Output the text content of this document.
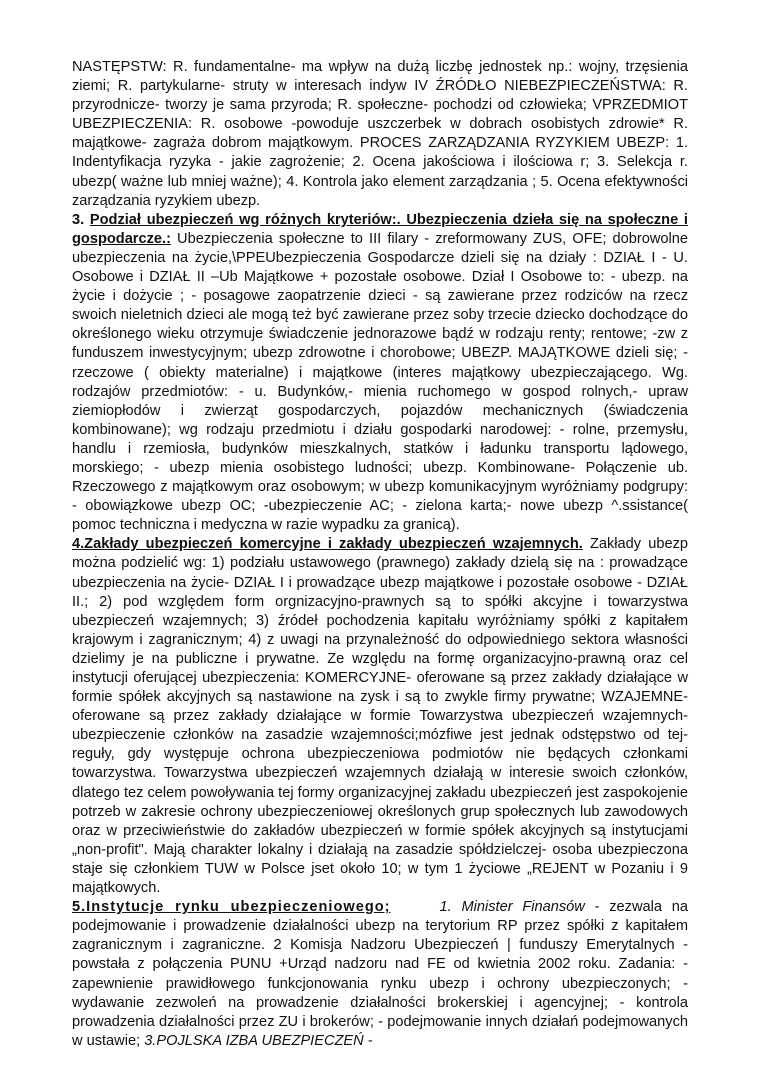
NASTĘPSTW: R. fundamentalne- ma wpływ na dużą liczbę jednostek np.: wojny, trzęsienia ziemi; R. partykularne- struty w interesach indyw IV ŹRÓDŁO NIEBEZPIECZEŃSTWA: R. przyrodnicze- tworzy je sama przyroda; R. społeczne- pochodzi od człowieka; VPRZEDMIOT UBEZPIECZENIA: R. osobowe -powoduje uszczerbek w dobrach osobistych zdrowie* R. majątkowe- zagraża dobrom majątkowym. PROCES ZARZĄDZANIA RYZYKIEM UBEZP: 1. Indentyfikacja ryzyka - jakie zagrożenie; 2. Ocena jakościowa i ilościowa r; 3. Selekcja r. ubezp( ważne lub mniej ważne); 4. Kontrola jako element zarządzania ; 5. Ocena efektywności zarządzania ryzykiem ubezp.

3. Podział ubezpieczeń wg różnych kryteriów:. Ubezpieczenia dzieła się na społeczne i gospodarcze.: Ubezpieczenia społeczne to III filary - zreformowany ZUS, OFE; dobrowolne ubezpieczenia na życie,\PPEUbezpieczenia Gospodarcze dzieli się na działy : DZIAŁ I - U. Osobowe i DZIAŁ II –Ub Majątkowe + pozostałe osobowe. Dział I Osobowe to: - ubezp. na życie i dożycie ; - posagowe zaopatrzenie dzieci - są zawierane przez rodziców na rzecz swoich nieletnich dzieci ale mogą też być zawierane przez soby trzecie dziecko dochodzące do określonego wieku otrzymuje świadczenie jednorazowe bądź w rodzaju renty; rentowe; -zw z funduszem inwestycyjnym; ubezp zdrowotne i chorobowe; UBEZP. MAJĄTKOWE dzieli się; -rzeczowe ( obiekty materialne) i majątkowe (interes majątkowy ubezpieczającego. Wg. rodzajów przedmiotów: - u. Budynków,- mienia ruchomego w gospod rolnych,- upraw ziemiopłodów i zwierząt gospodarczych, pojazdów mechanicznych (świadczenia kombinowane); wg rodzaju przedmiotu i działu gospodarki narodowej: - rolne, przemysłu, handlu i rzemiosła, budynków mieszkalnych, statków i ładunku transportu lądowego, morskiego; - ubezp mienia osobistego ludności; ubezp. Kombinowane- Połączenie ub. Rzeczowego z majątkowym oraz osobowym; w ubezp komunikacyjnym wyróżniamy podgrupy: - obowiązkowe ubezp OC; -ubezpieczenie AC; - zielona karta;- nowe ubezp ^.ssistance( pomoc techniczna i medyczna w razie wypadku za granicą).

4.Zakłady ubezpieczeń komercyjne i zakłady ubezpieczeń wzajemnych. Zakłady ubezp można podzielić wg: 1) podziału ustawowego (prawnego) zakłady dzielą się na : prowadzące ubezpieczenia na życie- DZIAŁ I i prowadzące ubezp majątkowe i pozostałe osobowe - DZIAŁ II.; 2) pod względem form orgnizacyjno-prawnych są to spółki akcyjne i towarzystwa ubezpieczeń wzajemnych; 3) źródeł pochodzenia kapitału wyróżniamy spółki z kapitałem krajowym i zagranicznym; 4) z uwagi na przynależność do odpowiedniego sektora własności dzielimy je na publiczne i prywatne. Ze względu na formę organizacyjno-prawną oraz cel instytucji oferującej ubezpieczenia: KOMERCYJNE- oferowane są przez zakłady działające w formie spółek akcyjnych są nastawione na zysk i są to zwykle firmy prywatne; WZAJEMNE-oferowane są przez zakłady działające w formie Towarzystwa ubezpieczeń wzajemnych- ubezpieczenie członków na zasadzie wzajemności;mózfiwe jest jednak odstępstwo od tej-reguły, gdy występuje ochrona ubezpieczeniowa podmiotów nie będących członkami towarzystwa. Towarzystwa ubezpieczeń wzajemnych działają w interesie swoich członków, dlatego tez celem powoływania tej formy organizacyjnej zakładu ubezpieczeń jest zaspokojenie potrzeb w zakresie ochrony ubezpieczeniowej określonych grup społecznych lub zawodowych oraz w przeciwieństwie do zakładów ubezpieczeń w formie spółek akcyjnych są instytucjami „non-profit". Mają charakter lokalny i działają na zasadzie spółdzielczej- osoba ubezpieczona staje się członkiem TUW w Polsce jset około 10; w tym 1 życiowe „REJENT w Pozaniu i 9 majątkowych.

5.Instytucje rynku ubezpieczeniowego;	1. Minister Finansów - zezwala na podejmowanie i prowadzenie działalności ubezp na terytorium RP przez spółki z kapitałem zagranicznym i zagraniczne. 2 Komisja Nadzoru Ubezpieczeń | funduszy Emerytalnych - powstała z połączenia PUNU +Urząd nadzoru nad FE od kwietnia 2002 roku. Zadania: - zapewnienie prawidłowego funkcjonowania rynku ubezp i ochrony ubezpieczonych; - wydawanie zezwoleń na prowadzenie działalności brokerskiej i agencyjnej; - kontrola prowadzenia działalności przez ZU i brokerów; - podejmowanie innych działań podejmowanych w ustawie; 3.POJLSKA IZBA UBEZPIECZEŃ -
